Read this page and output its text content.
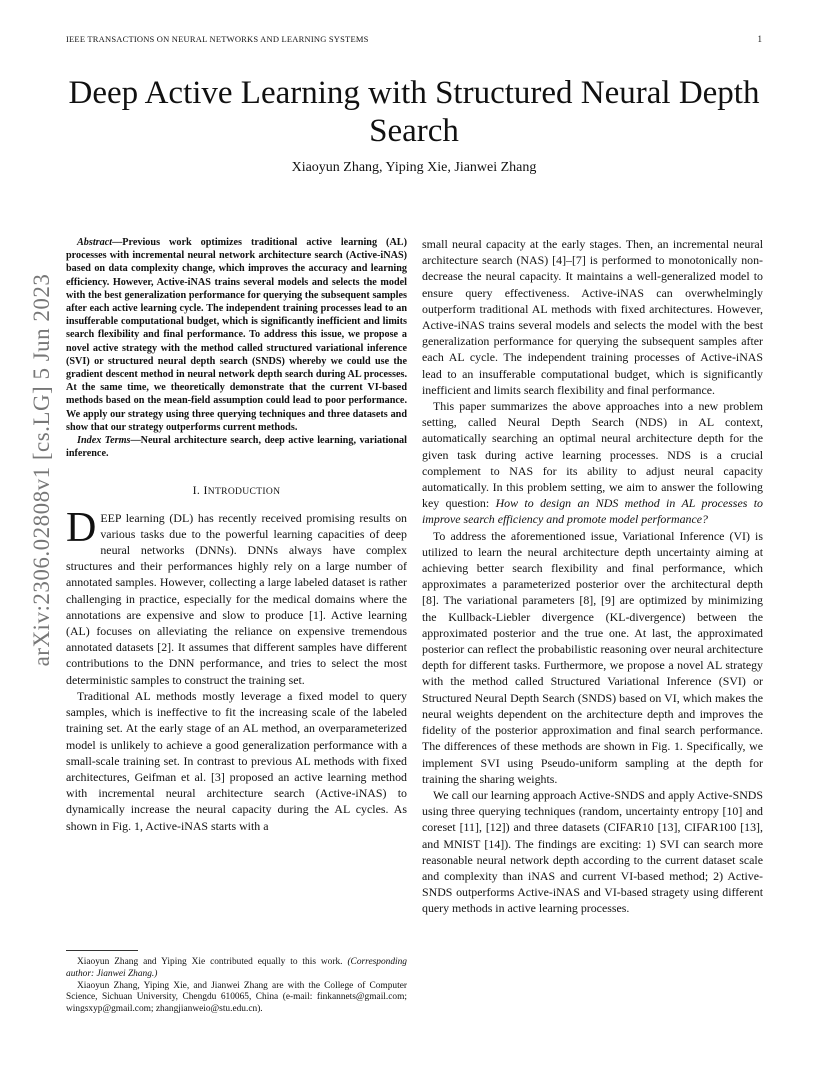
IEEE TRANSACTIONS ON NEURAL NETWORKS AND LEARNING SYSTEMS	1
Deep Active Learning with Structured Neural Depth Search
Xiaoyun Zhang, Yiping Xie, Jianwei Zhang
arXiv:2306.02808v1 [cs.LG] 5 Jun 2023

Abstract—Previous work optimizes traditional active learning (AL) processes with incremental neural network architecture search (Active-iNAS) based on data complexity change, which improves the accuracy and learning efficiency. However, Active-iNAS trains several models and selects the model with the best generalization performance for querying the subsequent samples after each active learning cycle. The independent training processes lead to an insufferable computational budget, which is significantly inefficient and limits search flexibility and final performance. To address this issue, we propose a novel active strategy with the method called structured variational inference (SVI) or structured neural depth search (SNDS) whereby we could use the gradient descent method in neural network depth search during AL processes. At the same time, we theoretically demonstrate that the current VI-based methods based on the mean-field assumption could lead to poor performance. We apply our strategy using three querying techniques and three datasets and show that our strategy outperforms current methods.

Index Terms—Neural architecture search, deep active learning, variational inference.

I. INTRODUCTION

DEEP learning (DL) has recently received promising results on various tasks due to the powerful learning capacities of deep neural networks (DNNs). DNNs always have complex structures and their performances highly rely on a large number of annotated samples. However, collecting a large labeled dataset is rather challenging in practice, especially for the medical domains where the annotations are expensive and slow to produce [1]. Active learning (AL) focuses on alleviating the reliance on expensive tremendous annotated datasets [2]. It assumes that different samples have different contributions to the DNN performance, and tries to select the most deterministic samples to construct the training set.

Traditional AL methods mostly leverage a fixed model to query samples, which is ineffective to fit the increasing scale of the labeled training set. At the early stage of an AL method, an overparameterized model is unlikely to achieve a good generalization performance with a small-scale training set. In contrast to previous AL methods with fixed architectures, Geifman et al. [3] proposed an active learning method with incremental neural architecture search (Active-iNAS) to dynamically increase the neural capacity during the AL cycles. As shown in Fig. 1, Active-iNAS starts with a

Xiaoyun Zhang and Yiping Xie contributed equally to this work. (Corresponding author: Jianwei Zhang.)

Xiaoyun Zhang, Yiping Xie, and Jianwei Zhang are with the College of Computer Science, Sichuan University, Chengdu 610065, China (e-mail: finkannets@gmail.com; wingsxyp@gmail.com; zhangjianweio@stu.edu.cn).

small neural capacity at the early stages. Then, an incremental neural architecture search (NAS) [4]–[7] is performed to monotonically non-decrease the neural capacity. It maintains a well-generalized model to ensure query effectiveness. Active-iNAS can overwhelmingly outperform traditional AL methods with fixed architectures. However, Active-iNAS trains several models and selects the model with the best generalization performance for querying the subsequent samples after each AL cycle. The independent training processes of Active-iNAS lead to an insufferable computational budget, which is significantly inefficient and limits search flexibility and final performance.

This paper summarizes the above approaches into a new problem setting, called Neural Depth Search (NDS) in AL context, automatically searching an optimal neural architecture depth for the given task during active learning processes. NDS is a crucial complement to NAS for its ability to adjust neural capacity automatically. In this problem setting, we aim to answer the following key question: How to design an NDS method in AL processes to improve search efficiency and promote model performance?

To address the aforementioned issue, Variational Inference (VI) is utilized to learn the neural architecture depth uncertainty aiming at achieving better search flexibility and final performance, which approximates a parameterized posterior over the architectural depth [8]. The variational parameters [8], [9] are optimized by minimizing the Kullback-Liebler divergence (KL-divergence) between the approximated posterior and the true one. At last, the approximated posterior can reflect the probabilistic reasoning over neural architecture depth for different tasks. Furthermore, we propose a novel AL strategy with the method called Structured Variational Inference (SVI) or Structured Neural Depth Search (SNDS) based on VI, which makes the neural weights dependent on the architecture depth and improves the fidelity of the posterior approximation and final search performance. The differences of these methods are shown in Fig. 1. Specifically, we implement SVI using Pseudo-uniform sampling at the depth for training the sharing weights.

We call our learning approach Active-SNDS and apply Active-SNDS using three querying techniques (random, uncertainty entropy [10] and coreset [11], [12]) and three datasets (CIFAR10 [13], CIFAR100 [13], and MNIST [14]). The findings are exciting: 1) SVI can search more reasonable neural network depth according to the current dataset scale and complexity than iNAS and current VI-based method; 2) Active-SNDS outperforms Active-iNAS and VI-based stragety using different query methods in active learning processes.
